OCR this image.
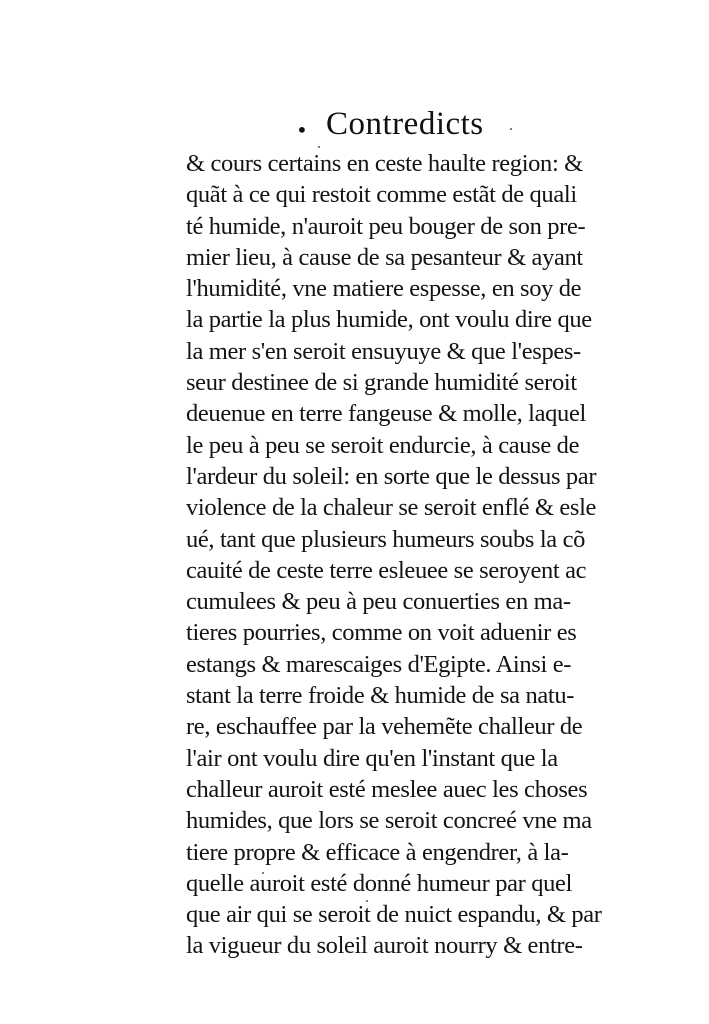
• Contredicts
& cours certains en ceste haulte region: &
quãt à ce qui restoit comme estãt de quali
té humide, n'auroit peu bouger de son pre-
mier lieu, à cause de sa pesanteur & ayant
l'humidité, vne matiere espesse, en soy de
la partie la plus humide, ont voulu dire que
la mer s'en seroit ensuyuye & que l'espes-
seur destinee de si grande humidité seroit
deuenue en terre fangeuse & molle, laquel
le peu à peu se seroit endurcie, à cause de
l'ardeur du soleil: en sorte que le dessus par
violence de la chaleur se seroit enflé & esle
ué, tant que plusieurs humeurs soubs la cõ
cauité de ceste terre esleuee se seroyent ac
cumulees & peu à peu conuerties en ma-
tieres pourries, comme on voit aduenir es
estangs & marescaiges d'Egipte. Ainsi e-
stant la terre froide & humide de sa natu-
re, eschauffee par la vehemẽte challeur de
l'air ont voulu dire qu'en l'instant que la
challeur auroit esté meslee auec les choses
humides, que lors se seroit concreé vne ma
tiere propre & efficace à engendrer, à la-
quelle auroit esté donné humeur par quel
que air qui se seroit de nuict espandu, & par
la vigueur du soleil auroit nourry & entre-
